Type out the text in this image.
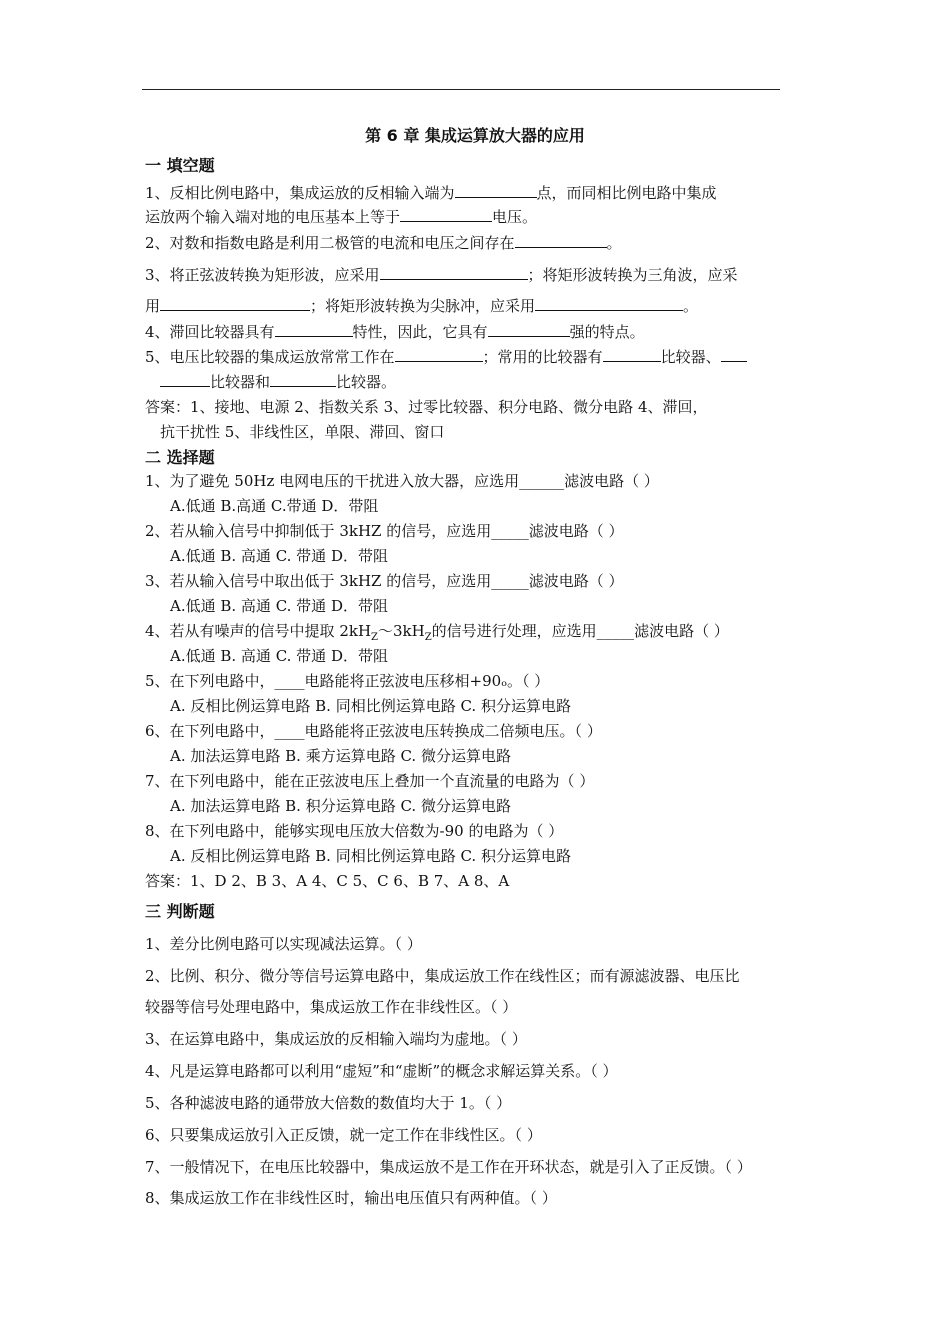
第 6 章 集成运算放大器的应用
一 填空题
1、反相比例电路中，集成运放的反相输入端为	点，而同相比例电路中集成
运放两个输入端对地的电压基本上等于	电压。
2、对数和指数电路是利用二极管的电流和电压之间存在	。
3、将正弦波转换为矩形波，应采用	；将矩形波转换为三角波，应采
用	；将矩形波转换为尖脉冲，应采用	。
4、滞回比较器具有	特性，因此，它具有	强的特点。
5、电压比较器的集成运放常常工作在	；常用的比较器有	比较器、
比较器和	比较器。
答案：1、接地、电源 2、指数关系 3、过零比较器、积分电路、微分电路 4、滞回，
抗干扰性 5、非线性区，单限、滞回、窗口
二 选择题
1、为了避免 50Hz 电网电压的干扰进入放大器，应选用______滤波电路（ ）
A.低通 B.高通 C.带通 D．带阻
2、若从输入信号中抑制低于 3kHZ 的信号，应选用_____滤波电路（ ）
A.低通 B. 高通 C. 带通 D．带阻
3、若从输入信号中取出低于 3kHZ 的信号，应选用_____滤波电路（ ）
A.低通 B. 高通 C. 带通 D．带阻
4、若从有噪声的信号中提取 $2kH_Z\sim 3kH_Z$的信号进行处理，应选用_____滤波电路（ ）
A.低通 B. 高通 C. 带通 D．带阻
5、在下列电路中，____电路能将正弦波电压移相+90ₒ。（ ）
A. 反相比例运算电路 B. 同相比例运算电路 C. 积分运算电路
6、在下列电路中，____电路能将正弦波电压转换成二倍频电压。（ ）
A. 加法运算电路 B. 乘方运算电路 C. 微分运算电路
7、在下列电路中，能在正弦波电压上叠加一个直流量的电路为（ ）
A. 加法运算电路 B. 积分运算电路 C. 微分运算电路
8、在下列电路中，能够实现电压放大倍数为-90 的电路为（ ）
A. 反相比例运算电路 B. 同相比例运算电路 C. 积分运算电路
答案：1、D 2、B 3、A 4、C 5、C 6、B 7、A 8、A
三 判断题
1、差分比例电路可以实现减法运算。（ ）
2、比例、积分、微分等信号运算电路中，集成运放工作在线性区；而有源滤波器、电压比
较器等信号处理电路中，集成运放工作在非线性区。（ ）
3、在运算电路中，集成运放的反相输入端均为虚地。（ ）
4、凡是运算电路都可以利用“虚短”和“虚断”的概念求解运算关系。（ ）
5、各种滤波电路的通带放大倍数的数值均大于 1。（ ）
6、只要集成运放引入正反馈，就一定工作在非线性区。（ ）
7、一般情况下，在电压比较器中，集成运放不是工作在开环状态，就是引入了正反馈。（ ）
8、集成运放工作在非线性区时，输出电压值只有两种值。（ ）
